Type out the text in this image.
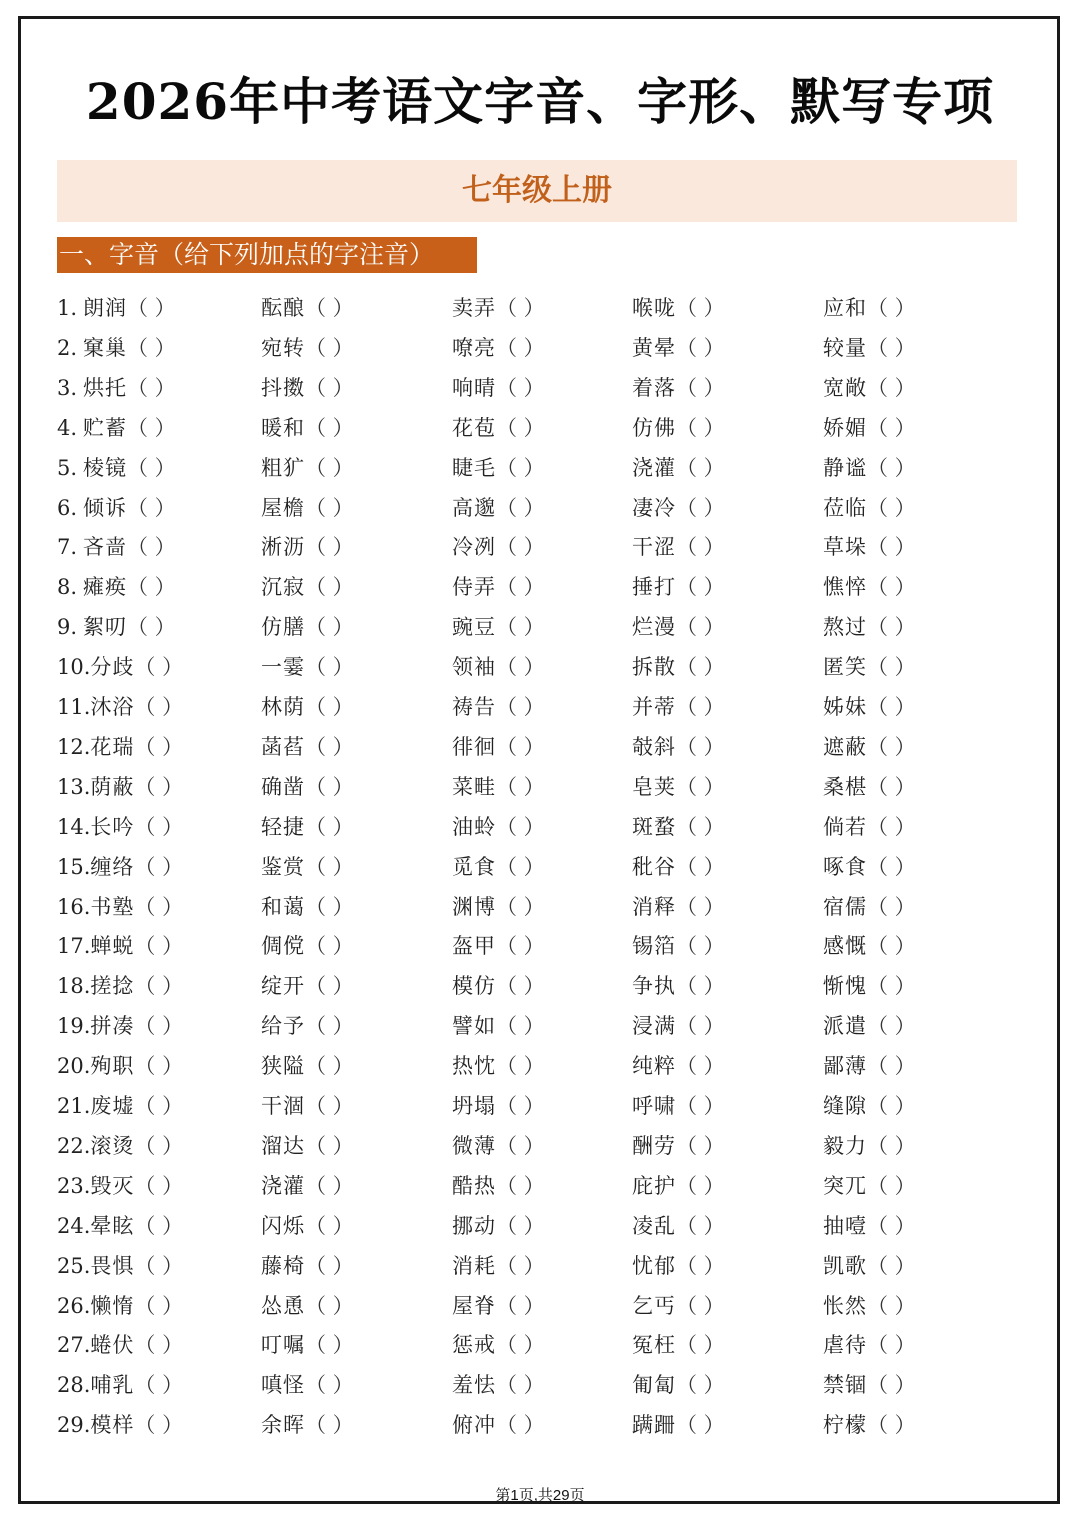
2026年中考语文字音、字形、默写专项
七年级上册
一、字音（给下列加点的字注音）
1. 朗润（ ）	酝酿（ ）	卖弄（ ）	喉咙（ ）	应和（ ）
2. 窠巢（ ）	宛转（ ）	嘹亮（ ）	黄晕（ ）	较量（ ）
3. 烘托（ ）	抖擞（ ）	响晴（ ）	着落（ ）	宽敞（ ）
4. 贮蓄（ ）	暖和（ ）	花苞（ ）	仿佛（ ）	娇媚（ ）
5. 棱镜（ ）	粗犷（ ）	睫毛（ ）	浇灌（ ）	静谧（ ）
6. 倾诉（ ）	屋檐（ ）	高邈（ ）	凄冷（ ）	莅临（ ）
7. 吝啬（ ）	淅沥（ ）	冷冽（ ）	干涩（ ）	草垛（ ）
8. 瘫痪（ ）	沉寂（ ）	侍弄（ ）	捶打（ ）	憔悴（ ）
9. 絮叨（ ）	仿膳（ ）	豌豆（ ）	烂漫（ ）	熬过（ ）
10.分歧（ ）	一霎（ ）	领袖（ ）	拆散（ ）	匿笑（ ）
11.沐浴（ ）	林荫（ ）	祷告（ ）	并蒂（ ）	姊妹（ ）
12.花瑞（ ）	菡萏（ ）	徘徊（ ）	攲斜（ ）	遮蔽（ ）
13.荫蔽（ ）	确凿（ ）	菜畦（ ）	皂荚（ ）	桑椹（ ）
14.长吟（ ）	轻捷（ ）	油蛉（ ）	斑蝥（ ）	倘若（ ）
15.缠络（ ）	鉴赏（ ）	觅食（ ）	秕谷（ ）	啄食（ ）
16.书塾（ ）	和蔼（ ）	渊博（ ）	消释（ ）	宿儒（ ）
17.蝉蜕（ ）	倜傥（ ）	盔甲（ ）	锡箔（ ）	感慨（ ）
18.搓捻（ ）	绽开（ ）	模仿（ ）	争执（ ）	惭愧（ ）
19.拼凑（ ）	给予（ ）	譬如（ ）	浸满（ ）	派遣（ ）
20.殉职（ ）	狭隘（ ）	热忱（ ）	纯粹（ ）	鄙薄（ ）
21.废墟（ ）	干涸（ ）	坍塌（ ）	呼啸（ ）	缝隙（ ）
22.滚烫（ ）	溜达（ ）	微薄（ ）	酬劳（ ）	毅力（ ）
23.毁灭（ ）	浇灌（ ）	酷热（ ）	庇护（ ）	突兀（ ）
24.晕眩（ ）	闪烁（ ）	挪动（ ）	凌乱（ ）	抽噎（ ）
25.畏惧（ ）	藤椅（ ）	消耗（ ）	忧郁（ ）	凯歌（ ）
26.懒惰（ ）	怂恿（ ）	屋脊（ ）	乞丐（ ）	怅然（ ）
27.蜷伏（ ）	叮嘱（ ）	惩戒（ ）	冤枉（ ）	虐待（ ）
28.哺乳（ ）	嗔怪（ ）	羞怯（ ）	匍匐（ ）	禁锢（ ）
29.模样（ ）	余晖（ ）	俯冲（ ）	蹒跚（ ）	柠檬（ ）
第1页,共29页
